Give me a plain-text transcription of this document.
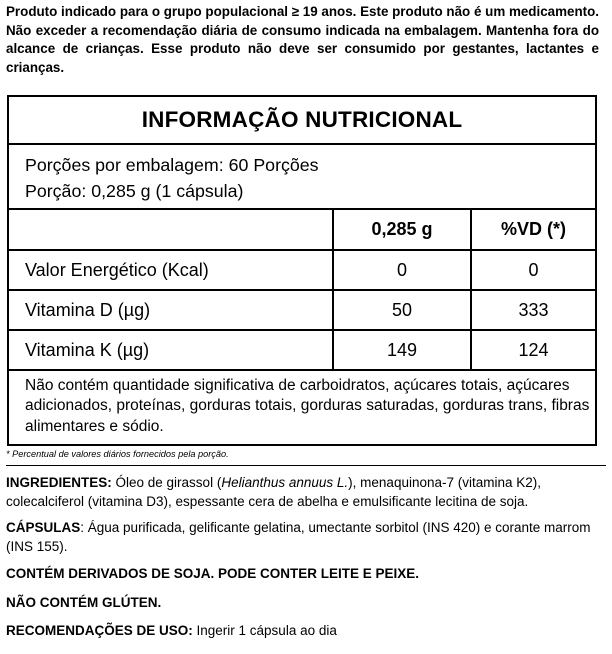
Produto indicado para o grupo populacional ≥ 19 anos. Este produto não é um medicamento. Não exceder a recomendação diária de consumo indicada na embalagem. Mantenha fora do alcance de crianças. Esse produto não deve ser consumido por gestantes, lactantes e crianças.
INFORMAÇÃO NUTRICIONAL
Porções por embalagem: 60 Porções
Porção: 0,285 g (1 cápsula)
	0,285 g	%VD (*)
Valor Energético (Kcal)	0	0
Vitamina D (µg)	50	333
Vitamina K (µg)	149	124
Não contém quantidade significativa de carboidratos, açúcares totais, açúcares adicionados, proteínas, gorduras totais, gorduras saturadas, gorduras trans, fibras alimentares e sódio.
* Percentual de valores diários fornecidos pela porção.
INGREDIENTES: Óleo de girassol (Helianthus annuus L.), menaquinona-7 (vitamina K2), colecalciferol (vitamina D3), espessante cera de abelha e emulsificante lecitina de soja.
CÁPSULAS: Água purificada, gelificante gelatina, umectante sorbitol (INS 420) e corante marrom (INS 155).
CONTÉM DERIVADOS DE SOJA. PODE CONTER LEITE E PEIXE.
NÃO CONTÉM GLÚTEN.
RECOMENDAÇÕES DE USO: Ingerir 1 cápsula ao dia
